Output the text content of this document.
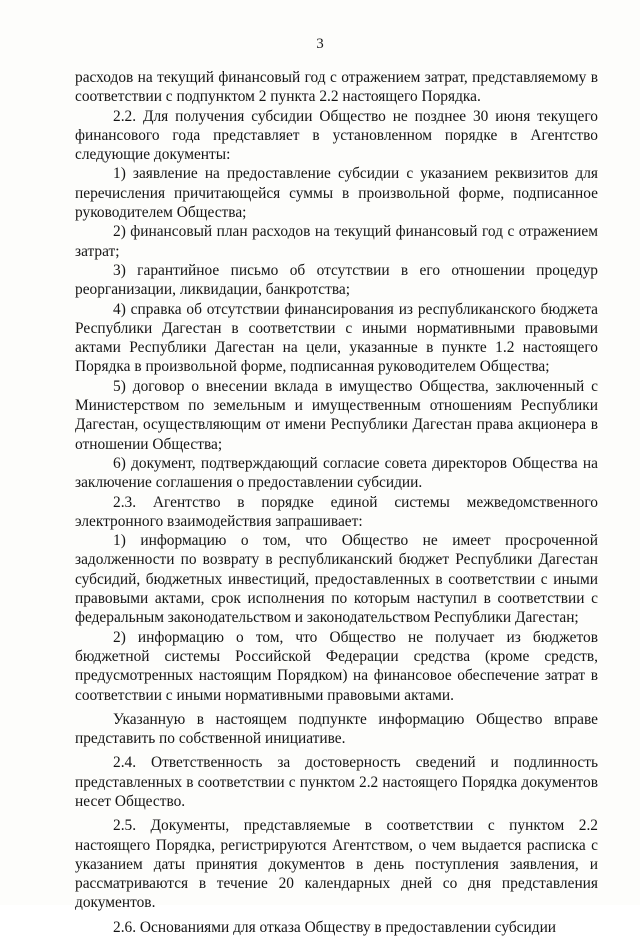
3

расходов на текущий финансовый год с отражением затрат, представляемому в соответствии с подпунктом 2 пункта 2.2 настоящего Порядка.

2.2. Для получения субсидии Общество не позднее 30 июня текущего финансового года представляет в установленном порядке в Агентство следующие документы:

1) заявление на предоставление субсидии с указанием реквизитов для перечисления причитающейся суммы в произвольной форме, подписанное руководителем Общества;

2) финансовый план расходов на текущий финансовый год с отражением затрат;

3) гарантийное письмо об отсутствии в его отношении процедур реорганизации, ликвидации, банкротства;

4) справка об отсутствии финансирования из республиканского бюджета Республики Дагестан в соответствии с иными нормативными правовыми актами Республики Дагестан на цели, указанные в пункте 1.2 настоящего Порядка в произвольной форме, подписанная руководителем Общества;

5) договор о внесении вклада в имущество Общества, заключенный с Министерством по земельным и имущественным отношениям Республики Дагестан, осуществляющим от имени Республики Дагестан права акционера в отношении Общества;

6) документ, подтверждающий согласие совета директоров Общества на заключение соглашения о предоставлении субсидии.

2.3. Агентство в порядке единой системы межведомственного электронного взаимодействия запрашивает:

1) информацию о том, что Общество не имеет просроченной задолженности по возврату в республиканский бюджет Республики Дагестан субсидий, бюджетных инвестиций, предоставленных в соответствии с иными правовыми актами, срок исполнения по которым наступил в соответствии с федеральным законодательством и законодательством Республики Дагестан;

2) информацию о том, что Общество не получает из бюджетов бюджетной системы Российской Федерации средства (кроме средств, предусмотренных настоящим Порядком) на финансовое обеспечение затрат в соответствии с иными нормативными правовыми актами.

Указанную в настоящем подпункте информацию Общество вправе представить по собственной инициативе.

2.4. Ответственность за достоверность сведений и подлинность представленных в соответствии с пунктом 2.2 настоящего Порядка документов несет Общество.

2.5. Документы, представляемые в соответствии с пунктом 2.2 настоящего Порядка, регистрируются Агентством, о чем выдается расписка с указанием даты принятия документов в день поступления заявления, и рассматриваются в течение 20 календарных дней со дня представления документов.

2.6. Основаниями для отказа Обществу в предоставлении субсидии
